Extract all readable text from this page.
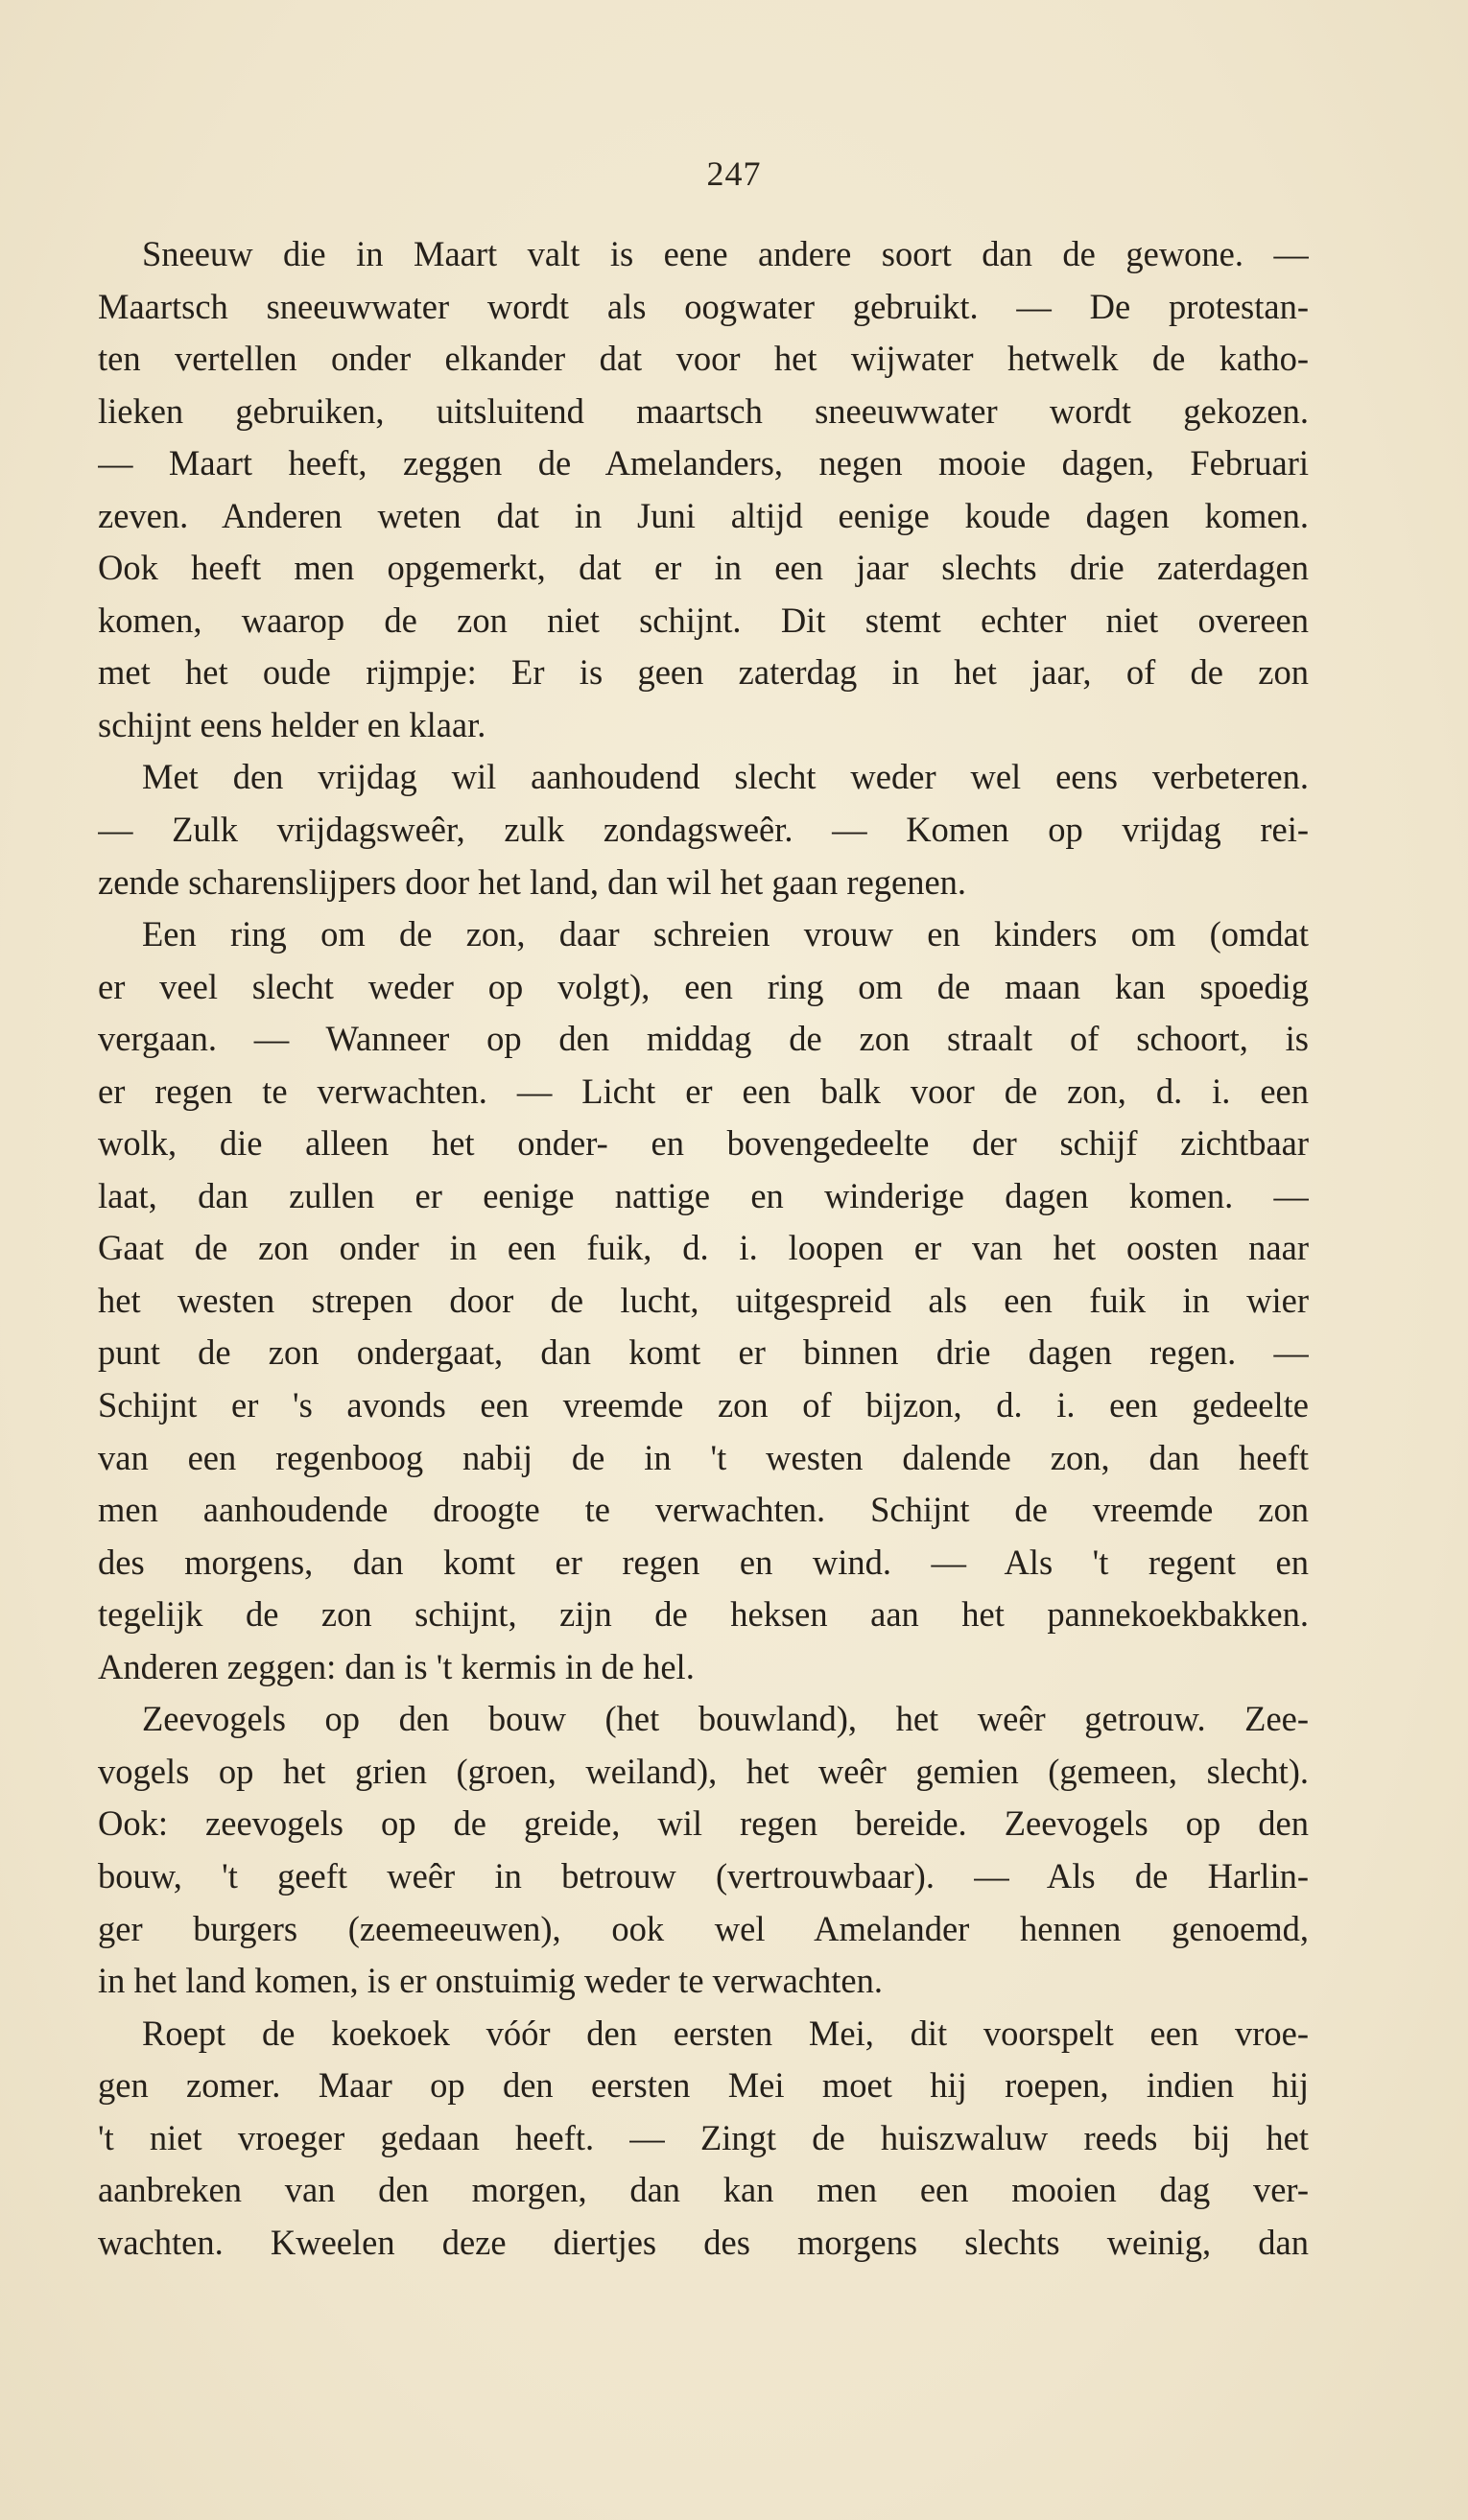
247
Sneeuw die in Maart valt is eene andere soort dan de gewone. —
Maartsch sneeuwwater wordt als oogwater gebruikt. — De protestan-
ten vertellen onder elkander dat voor het wijwater hetwelk de katho-
lieken gebruiken, uitsluitend maartsch sneeuwwater wordt gekozen.
— Maart heeft, zeggen de Amelanders, negen mooie dagen, Februari
zeven. Anderen weten dat in Juni altijd eenige koude dagen komen.
Ook heeft men opgemerkt, dat er in een jaar slechts drie zaterdagen
komen, waarop de zon niet schijnt. Dit stemt echter niet overeen
met het oude rijmpje: Er is geen zaterdag in het jaar, of de zon
schijnt eens helder en klaar.
Met den vrijdag wil aanhoudend slecht weder wel eens verbeteren.
— Zulk vrijdagsweêr, zulk zondagsweêr. — Komen op vrijdag rei-
zende scharenslijpers door het land, dan wil het gaan regenen.
Een ring om de zon, daar schreien vrouw en kinders om (omdat
er veel slecht weder op volgt), een ring om de maan kan spoedig
vergaan. — Wanneer op den middag de zon straalt of schoort, is
er regen te verwachten. — Licht er een balk voor de zon, d. i. een
wolk, die alleen het onder- en bovengedeelte der schijf zichtbaar
laat, dan zullen er eenige nattige en winderige dagen komen. —
Gaat de zon onder in een fuik, d. i. loopen er van het oosten naar
het westen strepen door de lucht, uitgespreid als een fuik in wier
punt de zon ondergaat, dan komt er binnen drie dagen regen. —
Schijnt er 's avonds een vreemde zon of bijzon, d. i. een gedeelte
van een regenboog nabij de in 't westen dalende zon, dan heeft
men aanhoudende droogte te verwachten. Schijnt de vreemde zon
des morgens, dan komt er regen en wind. — Als 't regent en
tegelijk de zon schijnt, zijn de heksen aan het pannekoekbakken.
Anderen zeggen: dan is 't kermis in de hel.
Zeevogels op den bouw (het bouwland), het weêr getrouw. Zee-
vogels op het grien (groen, weiland), het weêr gemien (gemeen, slecht).
Ook: zeevogels op de greide, wil regen bereide. Zeevogels op den
bouw, 't geeft weêr in betrouw (vertrouwbaar). — Als de Harlin-
ger burgers (zeemeeuwen), ook wel Amelander hennen genoemd,
in het land komen, is er onstuimig weder te verwachten.
Roept de koekoek vóór den eersten Mei, dit voorspelt een vroe-
gen zomer. Maar op den eersten Mei moet hij roepen, indien hij
't niet vroeger gedaan heeft. — Zingt de huiszwaluw reeds bij het
aanbreken van den morgen, dan kan men een mooien dag ver-
wachten. Kweelen deze diertjes des morgens slechts weinig, dan
